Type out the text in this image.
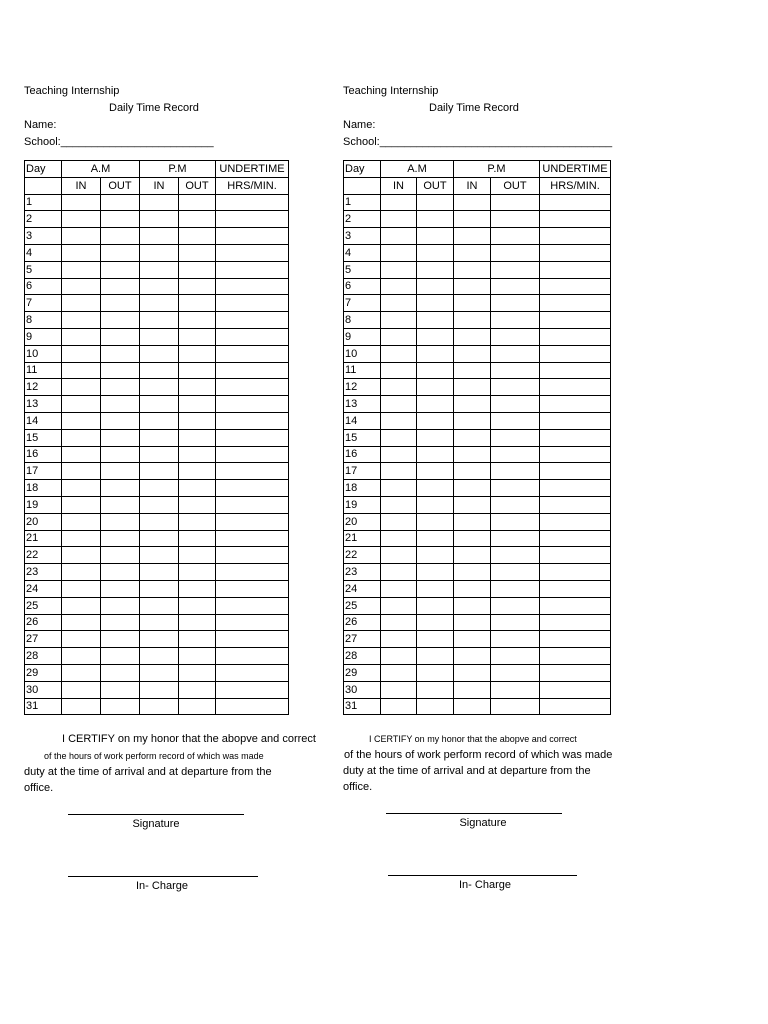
Teaching Internship
Daily Time Record
Name:
School:_________________________
Day	A.M		P.M		UNDERTIME
	IN	OUT	IN	OUT	HRS/MIN.
1					
2					
3					
4					
5					
6					
7					
8					
9					
10					
11					
12					
13					
14					
15					
16					
17					
18					
19					
20					
21					
22					
23					
24					
25					
26					
27					
28					
29					
30					
31					
I CERTIFY on my honor that the abopve and correct
of the hours of work perform record of which was made
duty at the time of arrival and at departure from the
office.
Signature
In- Charge
Teaching Internship
Daily Time Record
Name:
School:______________________________________
Day	A.M		P.M		UNDERTIME
	IN	OUT	IN	OUT	HRS/MIN.
1					
2					
3					
4					
5					
6					
7					
8					
9					
10					
11					
12					
13					
14					
15					
16					
17					
18					
19					
20					
21					
22					
23					
24					
25					
26					
27					
28					
29					
30					
31					
I CERTIFY on my honor that the abopve and correct
of the hours of work perform record of which was made
duty at the time of arrival and at departure from the
office.
Signature
In- Charge
